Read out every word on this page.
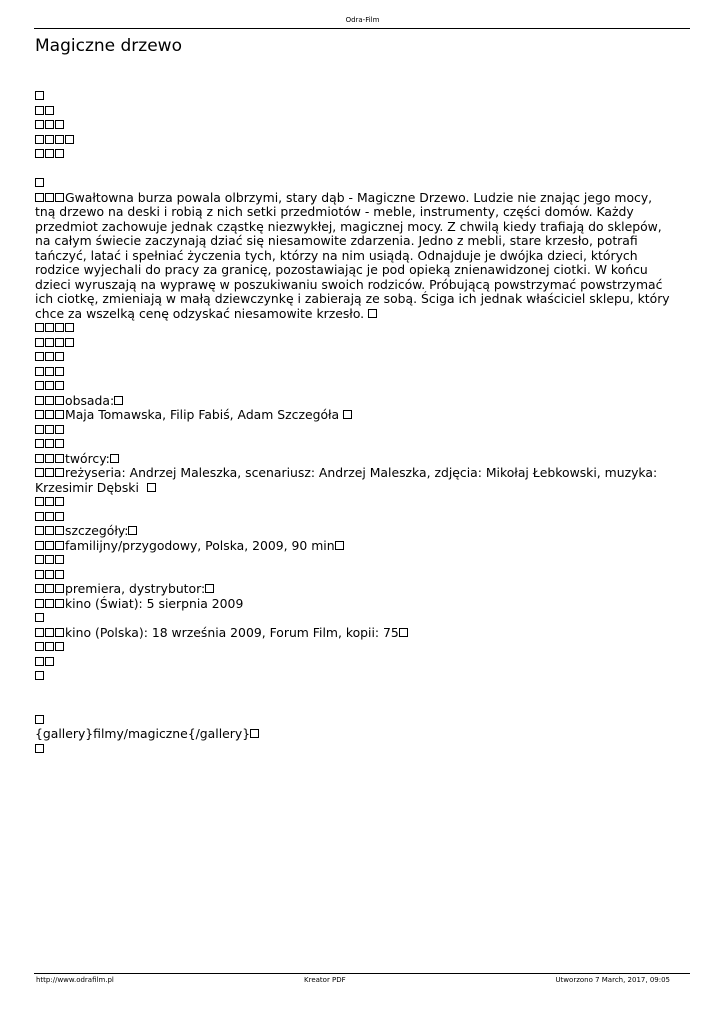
Odra-Film
Magiczne drzewo
Gwałtowna burza powala olbrzymi, stary dąb - Magiczne Drzewo. Ludzie nie znając jego mocy, tną drzewo na deski i robią z nich setki przedmiotów - meble, instrumenty, części domów. Każdy przedmiot zachowuje jednak cząstkę niezwykłej, magicznej mocy. Z chwilą kiedy trafiają do sklepów, na całym świecie zaczynają dziać się niesamowite zdarzenia. Jedno z mebli, stare krzesło, potrafi tańczyć, latać i spełniać życzenia tych, którzy na nim usiądą. Odnajduje je dwójka dzieci, których rodzice wyjechali do pracy za granicę, pozostawiając je pod opieką znienawidzonej ciotki. W końcu dzieci wyruszają na wyprawę w poszukiwaniu swoich rodziców. Próbującą powstrzymać powstrzymać ich ciotkę, zmieniają w małą dziewczynkę i zabierają ze sobą. Ściga ich jednak właściciel sklepu, który chce za wszelką cenę odzyskać niesamowite krzesło.
obsada:
Maja Tomawska, Filip Fabiś, Adam Szczegóła
twórcy:
reżyseria: Andrzej Maleszka, scenariusz: Andrzej Maleszka, zdjęcia: Mikołaj Łebkowski, muzyka: Krzesimir Dębski
szczegóły:
familijny/przygodowy, Polska, 2009, 90 min
premiera, dystrybutor:
kino (Świat): 5 sierpnia 2009
kino (Polska): 18 września 2009, Forum Film, kopii: 75
{gallery}filmy/magiczne{/gallery}
http://www.odrafilm.pl	Kreator PDF	Utworzono 7 March, 2017, 09:05
